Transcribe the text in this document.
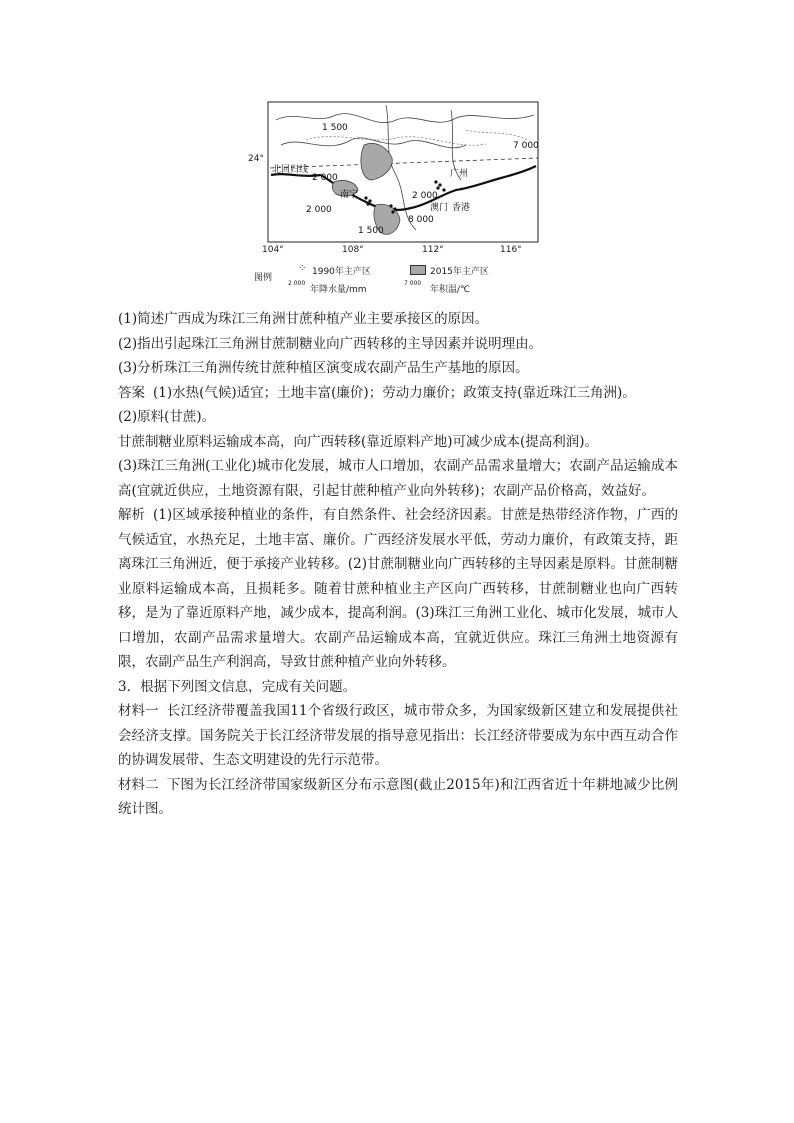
1 500
2 000
2 000
2 000
1 500
8 000
7 000
北回归线	广州
南宁
澳门 香港
24°
104°	108°	112°	116°
图例
⁘ 1990年主产区	2015年主产区
2 000
年降水量/mm
7 000
年积温/℃

(1)简述广西成为珠江三角洲甘蔗种植产业主要承接区的原因。

(2)指出引起珠江三角洲甘蔗制糖业向广西转移的主导因素并说明理由。

(3)分析珠江三角洲传统甘蔗种植区演变成农副产品生产基地的原因。

答案 (1)水热(气候)适宜；土地丰富(廉价)；劳动力廉价；政策支持(靠近珠江三角洲)。

(2)原料(甘蔗)。

甘蔗制糖业原料运输成本高，向广西转移(靠近原料产地)可减少成本(提高利润)。

(3)珠江三角洲(工业化)城市化发展，城市人口增加，农副产品需求量增大；农副产品运输成本高(宜就近供应，土地资源有限，引起甘蔗种植产业向外转移)；农副产品价格高，效益好。

解析 (1)区域承接种植业的条件，有自然条件、社会经济因素。甘蔗是热带经济作物，广西的气候适宜，水热充足，土地丰富、廉价。广西经济发展水平低，劳动力廉价，有政策支持，距离珠江三角洲近，便于承接产业转移。(2)甘蔗制糖业向广西转移的主导因素是原料。甘蔗制糖业原料运输成本高，且损耗多。随着甘蔗种植业主产区向广西转移，甘蔗制糖业也向广西转移，是为了靠近原料产地，减少成本，提高利润。(3)珠江三角洲工业化、城市化发展，城市人口增加，农副产品需求量增大。农副产品运输成本高，宜就近供应。珠江三角洲土地资源有限，农副产品生产利润高，导致甘蔗种植产业向外转移。

3．根据下列图文信息，完成有关问题。

材料一 长江经济带覆盖我国11个省级行政区，城市带众多，为国家级新区建立和发展提供社会经济支撑。国务院关于长江经济带发展的指导意见指出：长江经济带要成为东中西互动合作的协调发展带、生态文明建设的先行示范带。

材料二 下图为长江经济带国家级新区分布示意图(截止2015年)和江西省近十年耕地减少比例统计图。
